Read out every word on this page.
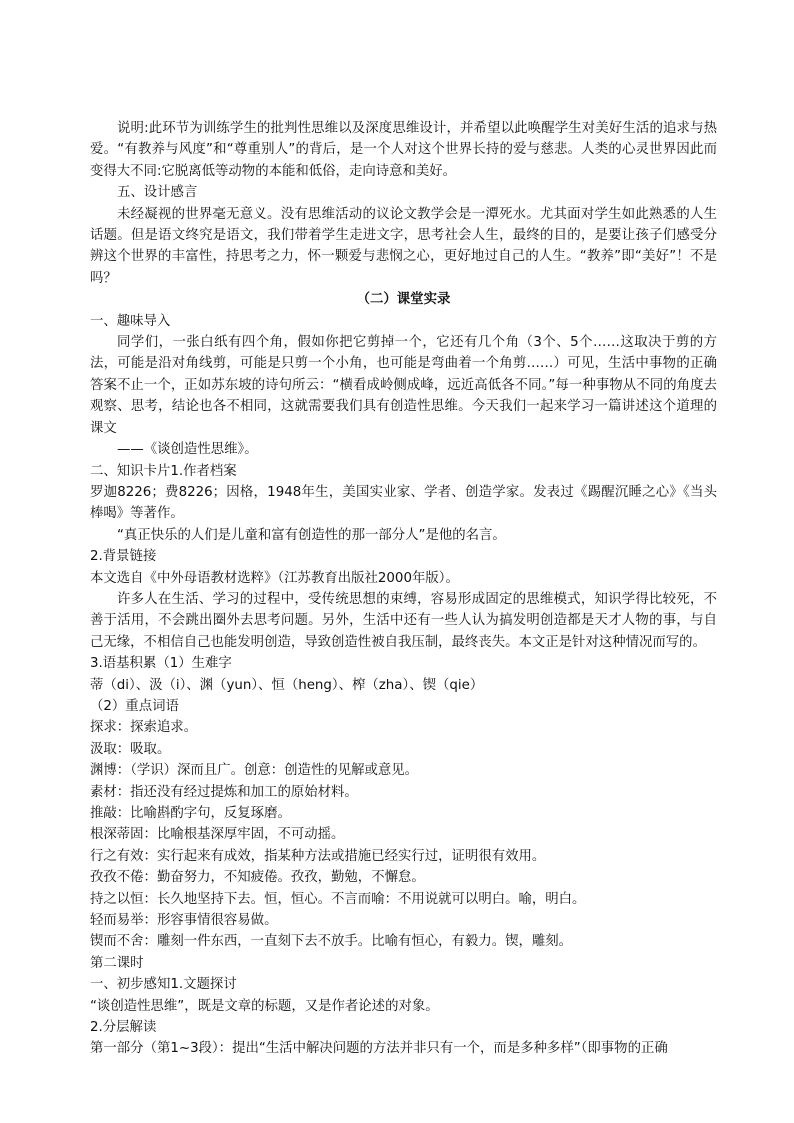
说明:此环节为训练学生的批判性思维以及深度思维设计，并希望以此唤醒学生对美好生活的追求与热爱。“有教养与风度”和“尊重别人”的背后，是一个人对这个世界长持的爱与慈悲。人类的心灵世界因此而变得大不同:它脱离低等动物的本能和低俗，走向诗意和美好。

五、设计感言

未经凝视的世界毫无意义。没有思维活动的议论文教学会是一潭死水。尤其面对学生如此熟悉的人生话题。但是语文终究是语文，我们带着学生走进文字，思考社会人生，最终的目的，是要让孩子们感受分辨这个世界的丰富性，持思考之力，怀一颗爱与悲悯之心，更好地过自己的人生。“教养”即“美好”！不是吗？

（二）课堂实录

一、趣味导入

同学们，一张白纸有四个角，假如你把它剪掉一个，它还有几个角（3个、5个……这取决于剪的方法，可能是沿对角线剪，可能是只剪一个小角，也可能是弯曲着一个角剪……）可见，生活中事物的正确答案不止一个，正如苏东坡的诗句所云：“横看成岭侧成峰，远近高低各不同。”每一种事物从不同的角度去观察、思考，结论也各不相同，这就需要我们具有创造性思维。今天我们一起来学习一篇讲述这个道理的课文

——《谈创造性思维》。

二、知识卡片1.作者档案

罗迦8226；费8226；因格，1948年生，美国实业家、学者、创造学家。发表过《踢醒沉睡之心》《当头棒喝》等著作。

“真正快乐的人们是儿童和富有创造性的那一部分人”是他的名言。

2.背景链接

本文选自《中外母语教材选粹》（江苏教育出版社2000年版）。

许多人在生活、学习的过程中，受传统思想的束缚，容易形成固定的思维模式，知识学得比较死，不善于活用，不会跳出圈外去思考问题。另外，生活中还有一些人认为搞发明创造都是天才人物的事，与自己无缘，不相信自己也能发明创造，导致创造性被自我压制，最终丧失。本文正是针对这种情况而写的。

3.语基积累（1）生难字

蒂（di）、汲（i）、渊（yun）、恒（heng）、榨（zha）、锲（qie）

（2）重点词语

探求：探索追求。

汲取：吸取。

渊博：（学识）深而且广。创意：创造性的见解或意见。

素材：指还没有经过提炼和加工的原始材料。

推敲：比喻斟酌字句，反复琢磨。

根深蒂固：比喻根基深厚牢固，不可动摇。

行之有效：实行起来有成效，指某种方法或措施已经实行过，证明很有效用。

孜孜不倦：勤奋努力，不知疲倦。孜孜，勤勉，不懈怠。

持之以恒：长久地坚持下去。恒，恒心。不言而喻：不用说就可以明白。喻，明白。

轻而易举：形容事情很容易做。

锲而不舍：雕刻一件东西，一直刻下去不放手。比喻有恒心，有毅力。锲，雕刻。

第二课时

一、初步感知1.文题探讨

“谈创造性思维”，既是文章的标题，又是作者论述的对象。

2.分层解读

第一部分（第1~3段）：提出“生活中解决问题的方法并非只有一个，而是多种多样”（即事物的正确
